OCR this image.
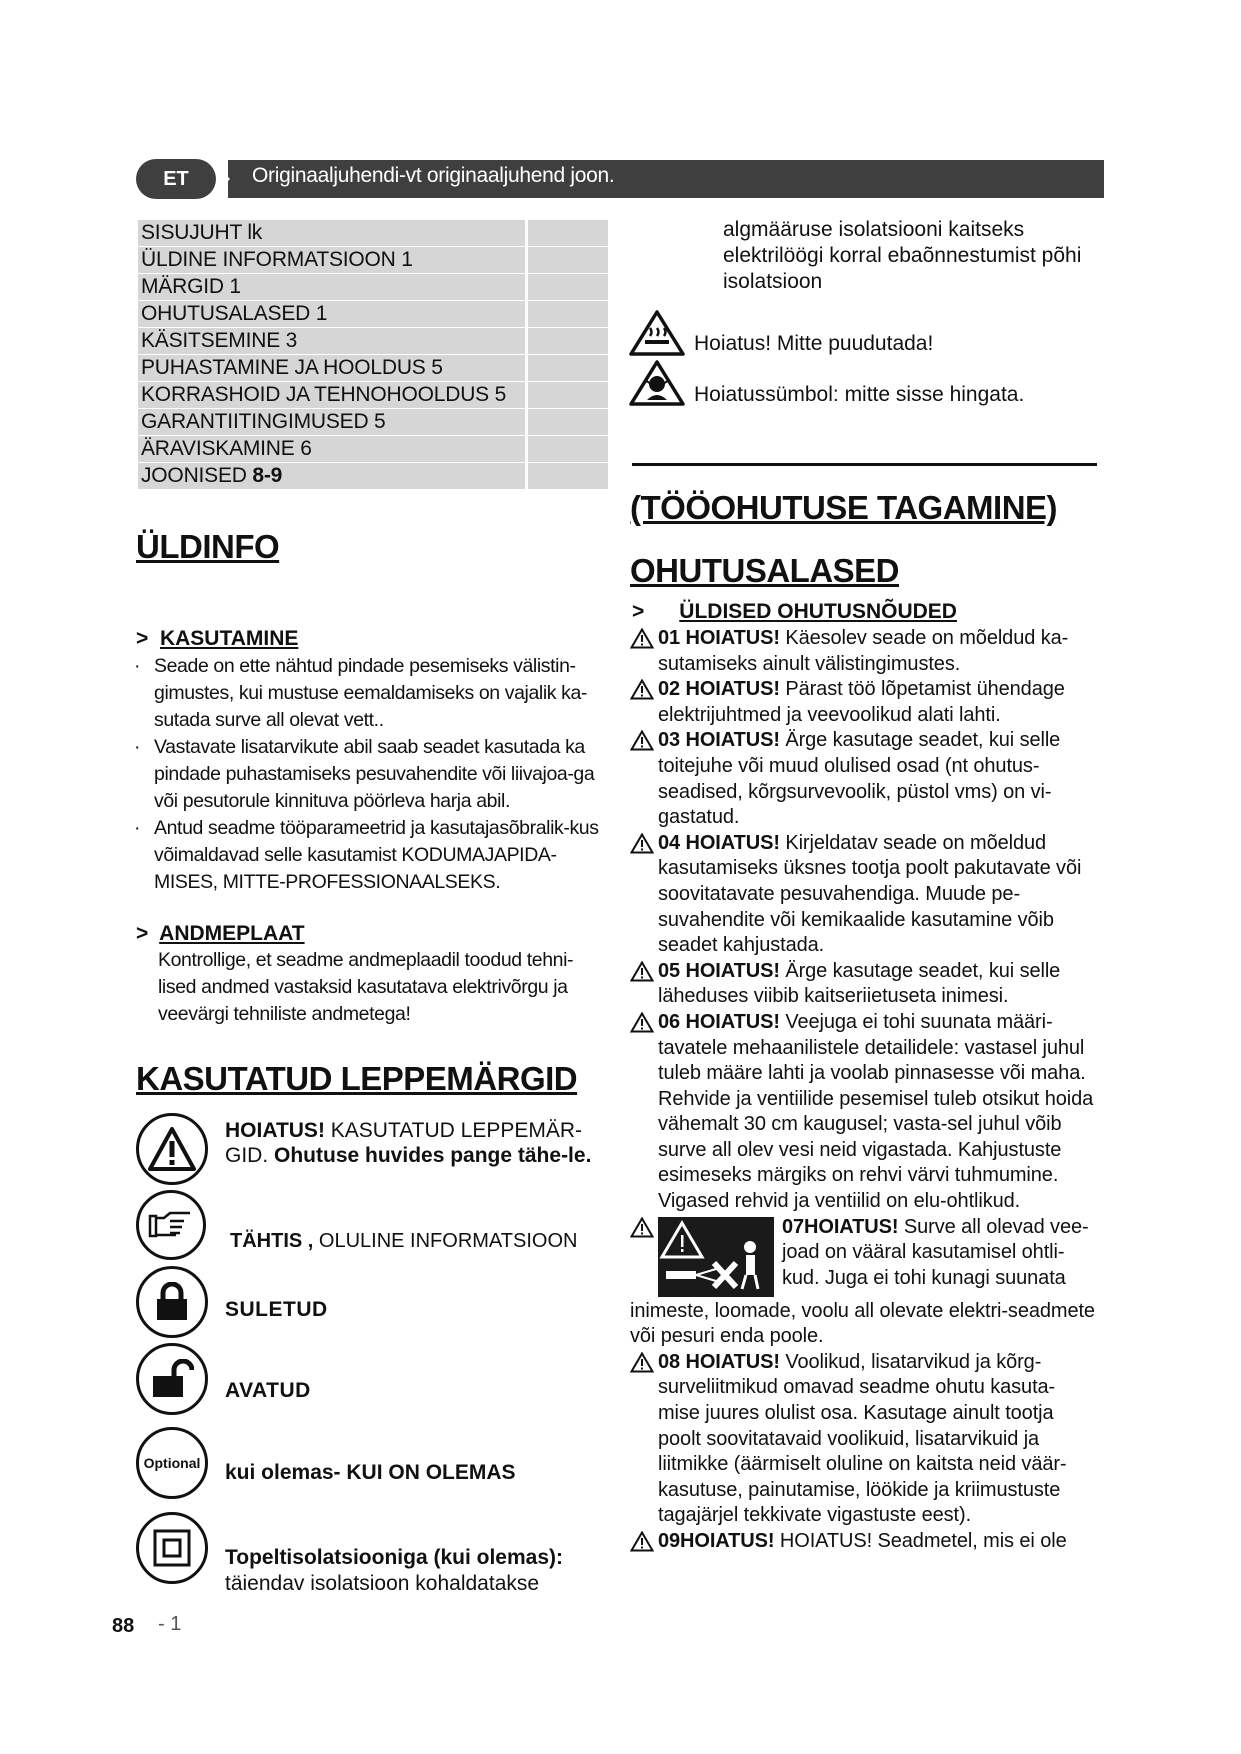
Originaaljuhendi-vt originaaljuhend joon.
ET
SISUJUHT lk
ÜLDINE INFORMATSIOON 1
MÄRGID 1
OHUTUSALASED 1
KÄSITSEMINE 3
PUHASTAMINE JA HOOLDUS 5
KORRASHOID JA TEHNOHOOLDUS 5
GARANTIITINGIMUSED 5
ÄRAVISKAMINE 6
JOONISED 8-9
ÜLDINFO
>  KASUTAMINE
· Seade on ette nähtud pindade pesemiseks välistin-gimustes, kui mustuse eemaldamiseks on vajalik ka-sutada surve all olevat vett..
· Vastavate lisatarvikute abil saab seadet kasutada ka pindade puhastamiseks pesuvahendite või liivajoa-ga või pesutorule kinnituva pöörleva harja abil.
· Antud seadme tööparameetrid ja kasutajasõbralik-kus võimaldavad selle kasutamist KODUMAJAPIDA-MISES, MITTE-PROFESSIONAALSEKS.
>  ANDMEPLAAT
Kontrollige, et seadme andmeplaadil toodud tehni-lised andmed vastaksid kasutatava elektrivõrgu ja veevärgi tehniliste andmetega!
KASUTATUD LEPPEMÄRGID
HOIATUS! KASUTATUD LEPPEMÄR-GID. Ohutuse huvides pange tähe-le.
TÄHTIS , OLULINE INFORMATSIOON
SULETUD
AVATUD
Optional kui olemas- KUI ON OLEMAS
Topeltisolatsiooniga (kui olemas):
täiendav isolatsioon kohaldatakse
algmääruse isolatsiooni kaitseks elektrilöögi korral ebaõnnestumist põhi isolatsioon
Hoiatus! Mitte puudutada!
Hoiatussümbol: mitte sisse hingata.
(TÖÖOHUTUSE TAGAMINE)
OHUTUSALASED
>      ÜLDISED OHUTUSNÕUDED
01 HOIATUS! Käesolev seade on mõeldud ka-sutamiseks ainult välistingimustes.
02 HOIATUS! Pärast töö lõpetamist ühendage elektrijuhtmed ja veevoolikud alati lahti.
03 HOIATUS! Ärge kasutage seadet, kui selle toitejuhe või muud olulised osad (nt ohutus-seadised, kõrgsurvevoolik, püstol vms) on vi-gastatud.
04 HOIATUS! Kirjeldatav seade on mõeldud kasutamiseks üksnes tootja poolt pakutavate või soovitatavate pesuvahendiga. Muude pe-suvahendite või kemikaalide kasutamine võib seadet kahjustada.
05 HOIATUS! Ärge kasutage seadet, kui selle läheduses viibib kaitseriietuseta inimesi.
06 HOIATUS! Veejuga ei tohi suunata määri-tavatele mehaanilistele detailidele: vastasel juhul tuleb määre lahti ja voolab pinnasesse või maha. Rehvide ja ventiilide pesemisel tuleb otsikut hoida vähemalt 30 cm kaugusel; vasta-sel juhul võib surve all olev vesi neid vigastada. Kahjustuste esimeseks märgiks on rehvi värvi tuhmumine. Vigased rehvid ja ventiilid on elu-ohtlikud.
07HOIATUS! Surve all olevad vee-joad on vääral kasutamisel ohtli-kud. Juga ei tohi kunagi suunata
inimeste, loomade, voolu all olevate elektri-seadmete või pesuri enda poole.
08 HOIATUS! Voolikud, lisatarvikud ja kõrg-surveliitmikud omavad seadme ohutu kasuta-mise juures olulist osa. Kasutage ainult tootja poolt soovitatavaid voolikuid, lisatarvikuid ja liitmikke (äärmiselt oluline on kaitsta neid väär-kasutuse, painutamise, löökide ja kriimustuste tagajärjel tekkivate vigastuste eest).
09HOIATUS! HOIATUS! Seadmetel, mis ei ole
88 - 1
